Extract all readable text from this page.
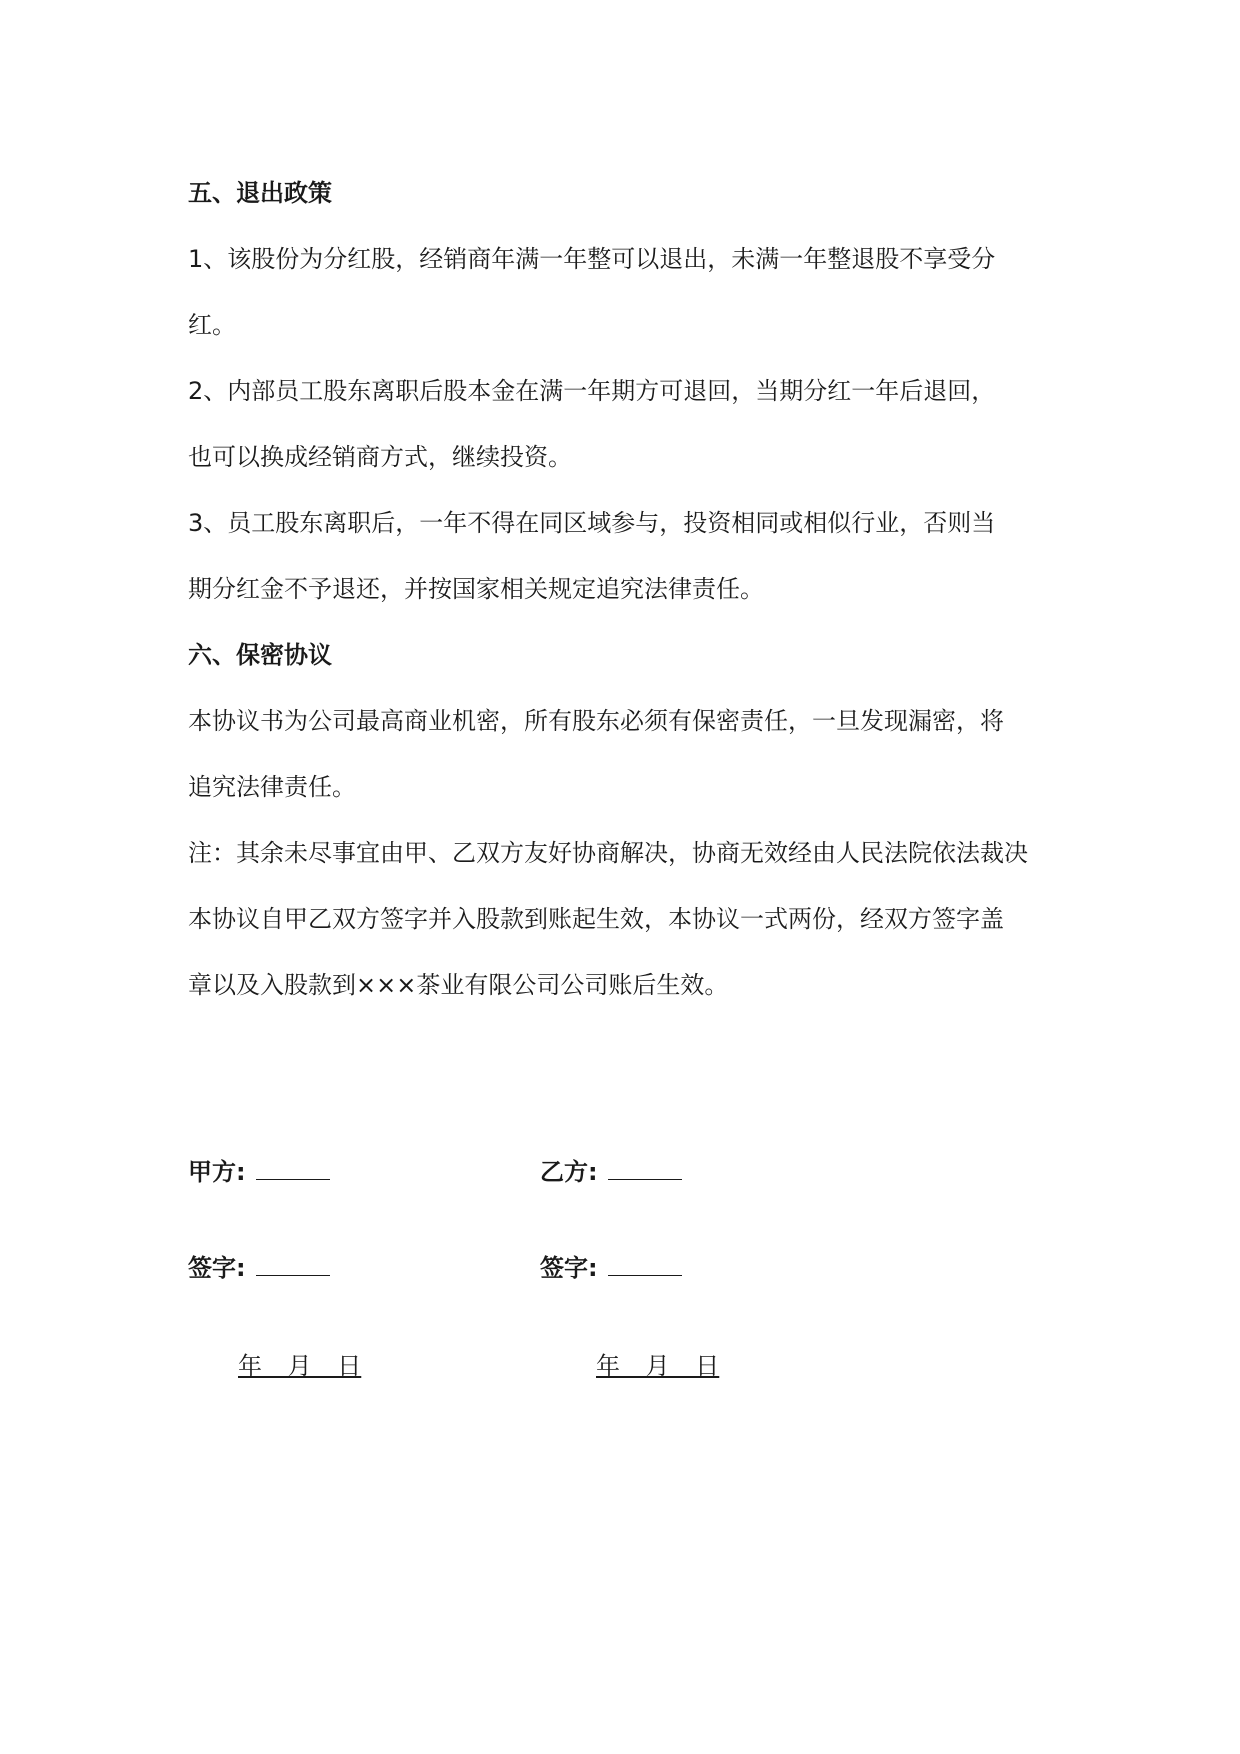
五、退出政策
1、该股份为分红股，经销商年满一年整可以退出，未满一年整退股不享受分
红。
2、内部员工股东离职后股本金在满一年期方可退回，当期分红一年后退回，
也可以换成经销商方式，继续投资。
3、员工股东离职后，一年不得在同区域参与，投资相同或相似行业，否则当
期分红金不予退还，并按国家相关规定追究法律责任。
六、保密协议
本协议书为公司最高商业机密，所有股东必须有保密责任，一旦发现漏密，将
追究法律责任。
注：其余未尽事宜由甲、乙双方友好协商解决，协商无效经由人民法院依法裁决
本协议自甲乙双方签字并入股款到账起生效，本协议一式两份，经双方签字盖
章以及入股款到×××茶业有限公司公司账后生效。
甲方:	乙方:
签字:	签字:
年 月 日	年 月 日
